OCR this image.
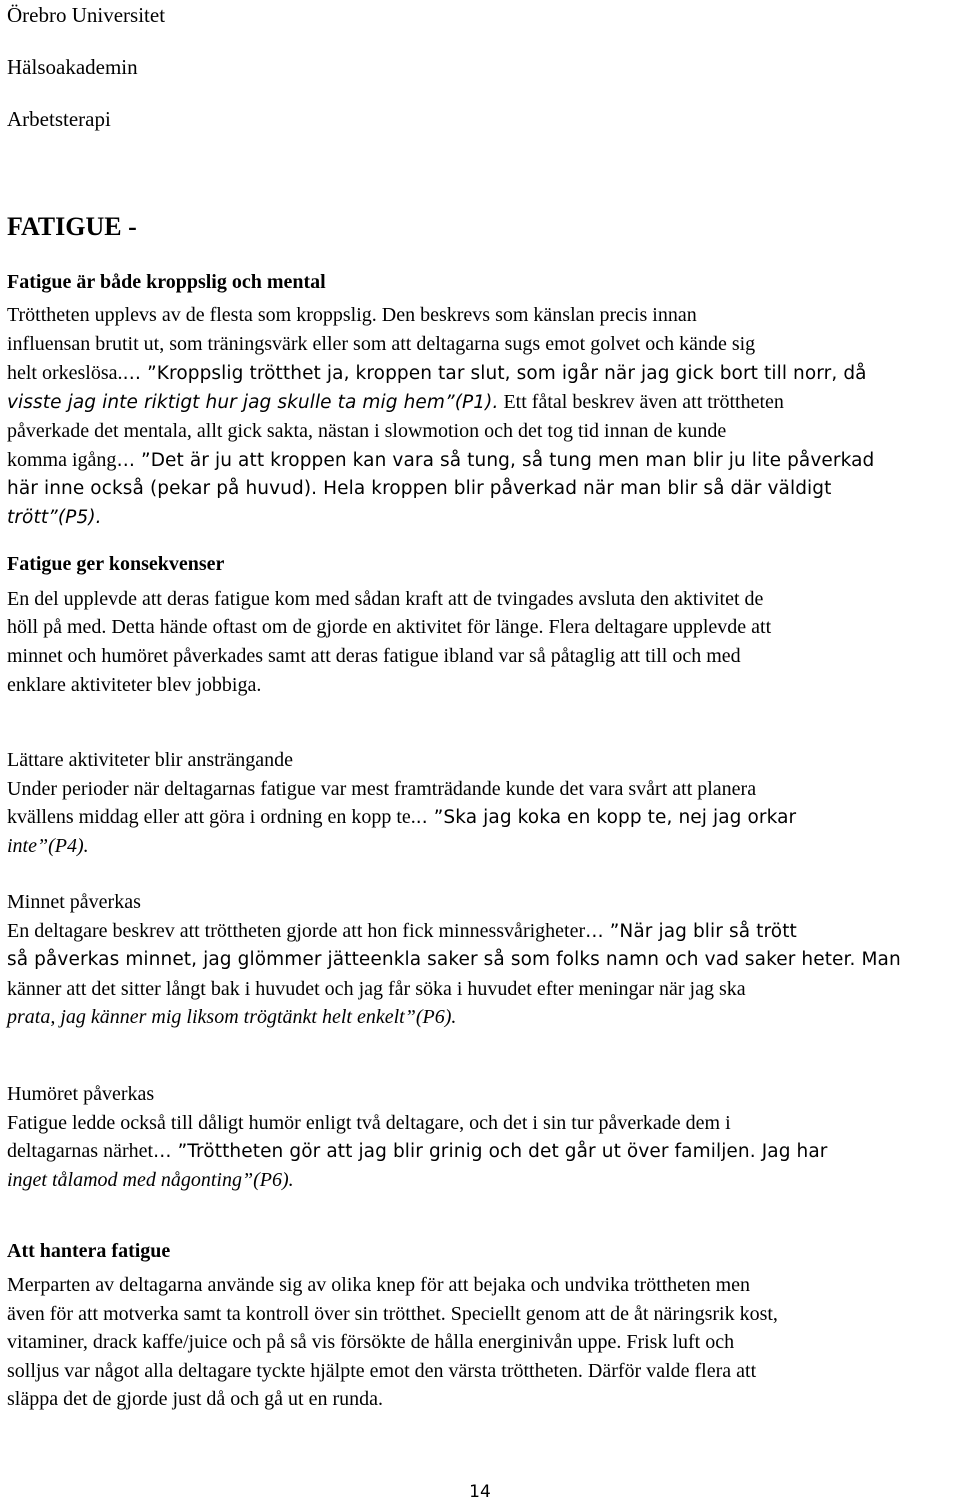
Örebro Universitet
Hälsoakademin
Arbetsterapi
FATIGUE -
Fatigue är både kroppslig och mental
Tröttheten upplevs av de flesta som kroppslig. Den beskrevs som känslan precis innan
influensan brutit ut, som träningsvärk eller som att deltagarna sugs emot golvet och kände sig
helt orkeslösa.… ”Kroppslig trötthet ja, kroppen tar slut, som igår när jag gick bort till norr, då
visste jag inte riktigt hur jag skulle ta mig hem”(P1). Ett fåtal beskrev även att tröttheten
påverkade det mentala, allt gick sakta, nästan i slowmotion och det tog tid innan de kunde
komma igång… ”Det är ju att kroppen kan vara så tung, så tung men man blir ju lite påverkad
här inne också (pekar på huvud). Hela kroppen blir påverkad när man blir så där väldigt
trött”(P5).
Fatigue ger konsekvenser
En del upplevde att deras fatigue kom med sådan kraft att de tvingades avsluta den aktivitet de
höll på med. Detta hände oftast om de gjorde en aktivitet för länge. Flera deltagare upplevde att
minnet och humöret påverkades samt att deras fatigue ibland var så påtaglig att till och med
enklare aktiviteter blev jobbiga.
Lättare aktiviteter blir ansträngande
Under perioder när deltagarnas fatigue var mest framträdande kunde det vara svårt att planera
kvällens middag eller att göra i ordning en kopp te... ”Ska jag koka en kopp te, nej jag orkar
inte”(P4).
Minnet påverkas
En deltagare beskrev att tröttheten gjorde att hon fick minnessvårigheter… ”När jag blir så trött
så påverkas minnet, jag glömmer jätteenkla saker så som folks namn och vad saker heter. Man
känner att det sitter långt bak i huvudet och jag får söka i huvudet efter meningar när jag ska
prata, jag känner mig liksom trögtänkt helt enkelt”(P6).
Humöret påverkas
Fatigue ledde också till dåligt humör enligt två deltagare, och det i sin tur påverkade dem i
deltagarnas närhet… ”Tröttheten gör att jag blir grinig och det går ut över familjen. Jag har
inget tålamod med någonting”(P6).
Att hantera fatigue
Merparten av deltagarna använde sig av olika knep för att bejaka och undvika tröttheten men
även för att motverka samt ta kontroll över sin trötthet. Speciellt genom att de åt näringsrik kost,
vitaminer, drack kaffe/juice och på så vis försökte de hålla energinivån uppe. Frisk luft och
solljus var något alla deltagare tyckte hjälpte emot den värsta tröttheten. Därför valde flera att
släppa det de gjorde just då och gå ut en runda.
14
